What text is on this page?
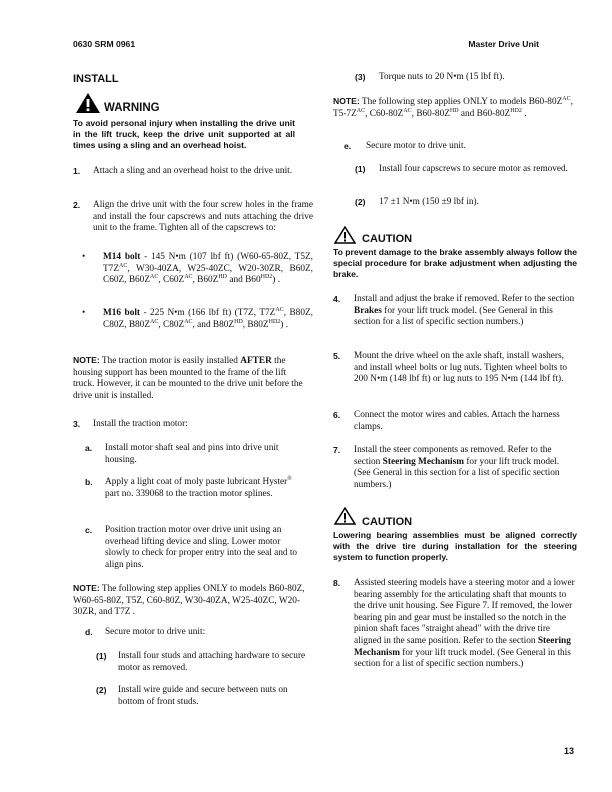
0630 SRM 0961	Master Drive Unit
INSTALL
WARNING
To avoid personal injury when installing the drive unit in the lift truck, keep the drive unit supported at all times using a sling and an overhead hoist.
1. Attach a sling and an overhead hoist to the drive unit.
2. Align the drive unit with the four screw holes in the frame and install the four capscrews and nuts attaching the drive unit to the frame. Tighten all of the capscrews to:
• M14 bolt - 145 N•m (107 lbf ft) (W60-65-80Z, T5Z, $T7Z^{AC}$, W30-40ZA, W25-40ZC, W20-30ZR, B60Z, C60Z, $B60Z^{AC}$, $C60Z^{AC}$, $B60Z^{HD}$ and $B60^{HD2}$) .
• M16 bolt - 225 N•m (166 lbf ft) (T7Z, $T7Z^{AC}$, B80Z, C80Z, $B80Z^{AC}$, $C80Z^{AC}$, and $B80Z^{HD}$, $B80Z^{HD2}$) .
NOTE: The traction motor is easily installed AFTER the housing support has been mounted to the frame of the lift truck. However, it can be mounted to the drive unit before the drive unit is installed.
3. Install the traction motor:
a. Install motor shaft seal and pins into drive unit housing.
b. Apply a light coat of moly paste lubricant Hyster® part no. 339068 to the traction motor splines.
c. Position traction motor over drive unit using an overhead lifting device and sling. Lower motor slowly to check for proper entry into the seal and to align pins.
NOTE: The following step applies ONLY to models B60-80Z, W60-65-80Z, T5Z, C60-80Z, W30-40ZA, W25-40ZC, W20-30ZR, and T7Z .
d. Secure motor to drive unit:
(1) Install four studs and attaching hardware to secure motor as removed.
(2) Install wire guide and secure between nuts on bottom of front studs.
(3) Torque nuts to 20 N•m (15 lbf ft).
NOTE: The following step applies ONLY to models $B60-80Z^{AC}$, $T5-7Z^{AC}$, $C60-80Z^{AC}$, $B60-80Z^{HD}$ and $B60-80Z^{HD2}$ .
e. Secure motor to drive unit.
(1) Install four capscrews to secure motor as removed.
(2) 17 ±1 N•m (150 ±9 lbf in).
CAUTION
To prevent damage to the brake assembly always follow the special procedure for brake adjustment when adjusting the brake.
4. Install and adjust the brake if removed. Refer to the section Brakes for your lift truck model. (See General in this section for a list of specific section numbers.)
5. Mount the drive wheel on the axle shaft, install washers, and install wheel bolts or lug nuts. Tighten wheel bolts to 200 N•m (148 lbf ft) or lug nuts to 195 N•m (144 lbf ft).
6. Connect the motor wires and cables. Attach the harness clamps.
7. Install the steer components as removed. Refer to the section Steering Mechanism for your lift truck model. (See General in this section for a list of specific section numbers.)
CAUTION
Lowering bearing assemblies must be aligned correctly with the drive tire during installation for the steering system to function properly.
8. Assisted steering models have a steering motor and a lower bearing assembly for the articulating shaft that mounts to the drive unit housing. See Figure 7. If removed, the lower bearing pin and gear must be installed so the notch in the pinion shaft faces "straight ahead" with the drive tire aligned in the same position. Refer to the section Steering Mechanism for your lift truck model. (See General in this section for a list of specific section numbers.)
13
